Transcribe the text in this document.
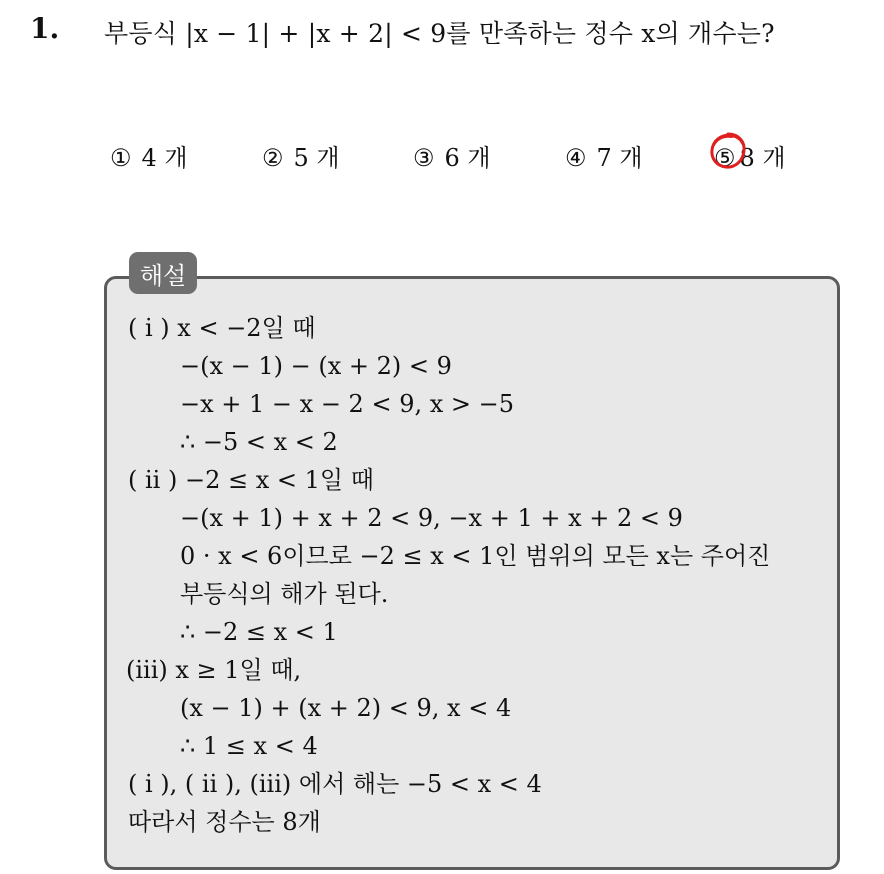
1. 부등식 |x − 1| + |x + 2| < 9를 만족하는 정수 x의 개수는?
① 4 개	② 5 개	③ 6 개	④ 7 개	⑤ 8 개
해설
( i ) x < −2일 때
−(x − 1) − (x + 2) < 9
−x + 1 − x − 2 < 9, x > −5
∴ −5 < x < 2
( ii ) −2 ≤ x < 1일 때
−(x + 1) + x + 2 < 9, −x + 1 + x + 2 < 9
0 · x < 6이므로 −2 ≤ x < 1인 범위의 모든 x는 주어진
부등식의 해가 된다.
∴ −2 ≤ x < 1
(iii) x ≥ 1일 때,
(x − 1) + (x + 2) < 9, x < 4
∴ 1 ≤ x < 4
( i ), ( ii ), (iii) 에서 해는 −5 < x < 4
따라서 정수는 8개
